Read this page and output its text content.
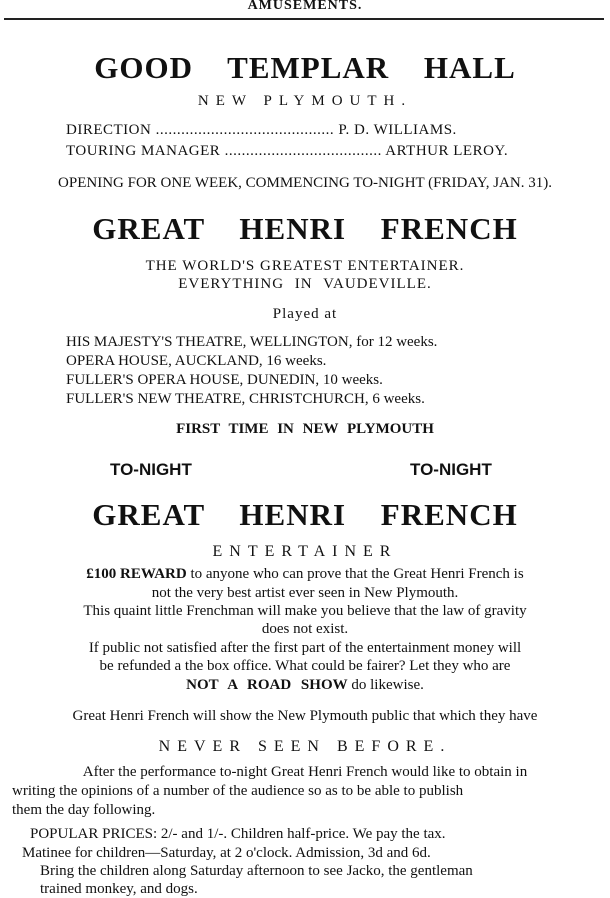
AMUSEMENTS.
GOOD TEMPLAR HALL
NEW PLYMOUTH.
DIRECTION .......................................... P. D. WILLIAMS.
TOURING MANAGER ..................................... ARTHUR LEROY.
OPENING FOR ONE WEEK, COMMENCING TO-NIGHT (FRIDAY, JAN. 31).
GREAT HENRI FRENCH
THE WORLD'S GREATEST ENTERTAINER.
EVERYTHING IN VAUDEVILLE.
Played at
HIS MAJESTY'S THEATRE, WELLINGTON, for 12 weeks.
OPERA HOUSE, AUCKLAND, 16 weeks.
FULLER'S OPERA HOUSE, DUNEDIN, 10 weeks.
FULLER'S NEW THEATRE, CHRISTCHURCH, 6 weeks.
FIRST TIME IN NEW PLYMOUTH
TO-NIGHT	TO-NIGHT
GREAT HENRI FRENCH
ENTERTAINER
£100 REWARD to anyone who can prove that the Great Henri French is
not the very best artist ever seen in New Plymouth.
This quaint little Frenchman will make you believe that the law of gravity
does not exist.
If public not satisfied after the first part of the entertainment money will
be refunded a the box office. What could be fairer? Let they who are
NOT A ROAD SHOW do likewise.
Great Henri French will show the New Plymouth public that which they have
NEVER SEEN BEFORE.
After the performance to-night Great Henri French would like to obtain in
writing the opinions of a number of the audience so as to be able to publish
them the day following.
POPULAR PRICES: 2/- and 1/-. Children half-price. We pay the tax.
Matinee for children—Saturday, at 2 o'clock. Admission, 3d and 6d.
Bring the children along Saturday afternoon to see Jacko, the gentleman
trained monkey, and dogs.
